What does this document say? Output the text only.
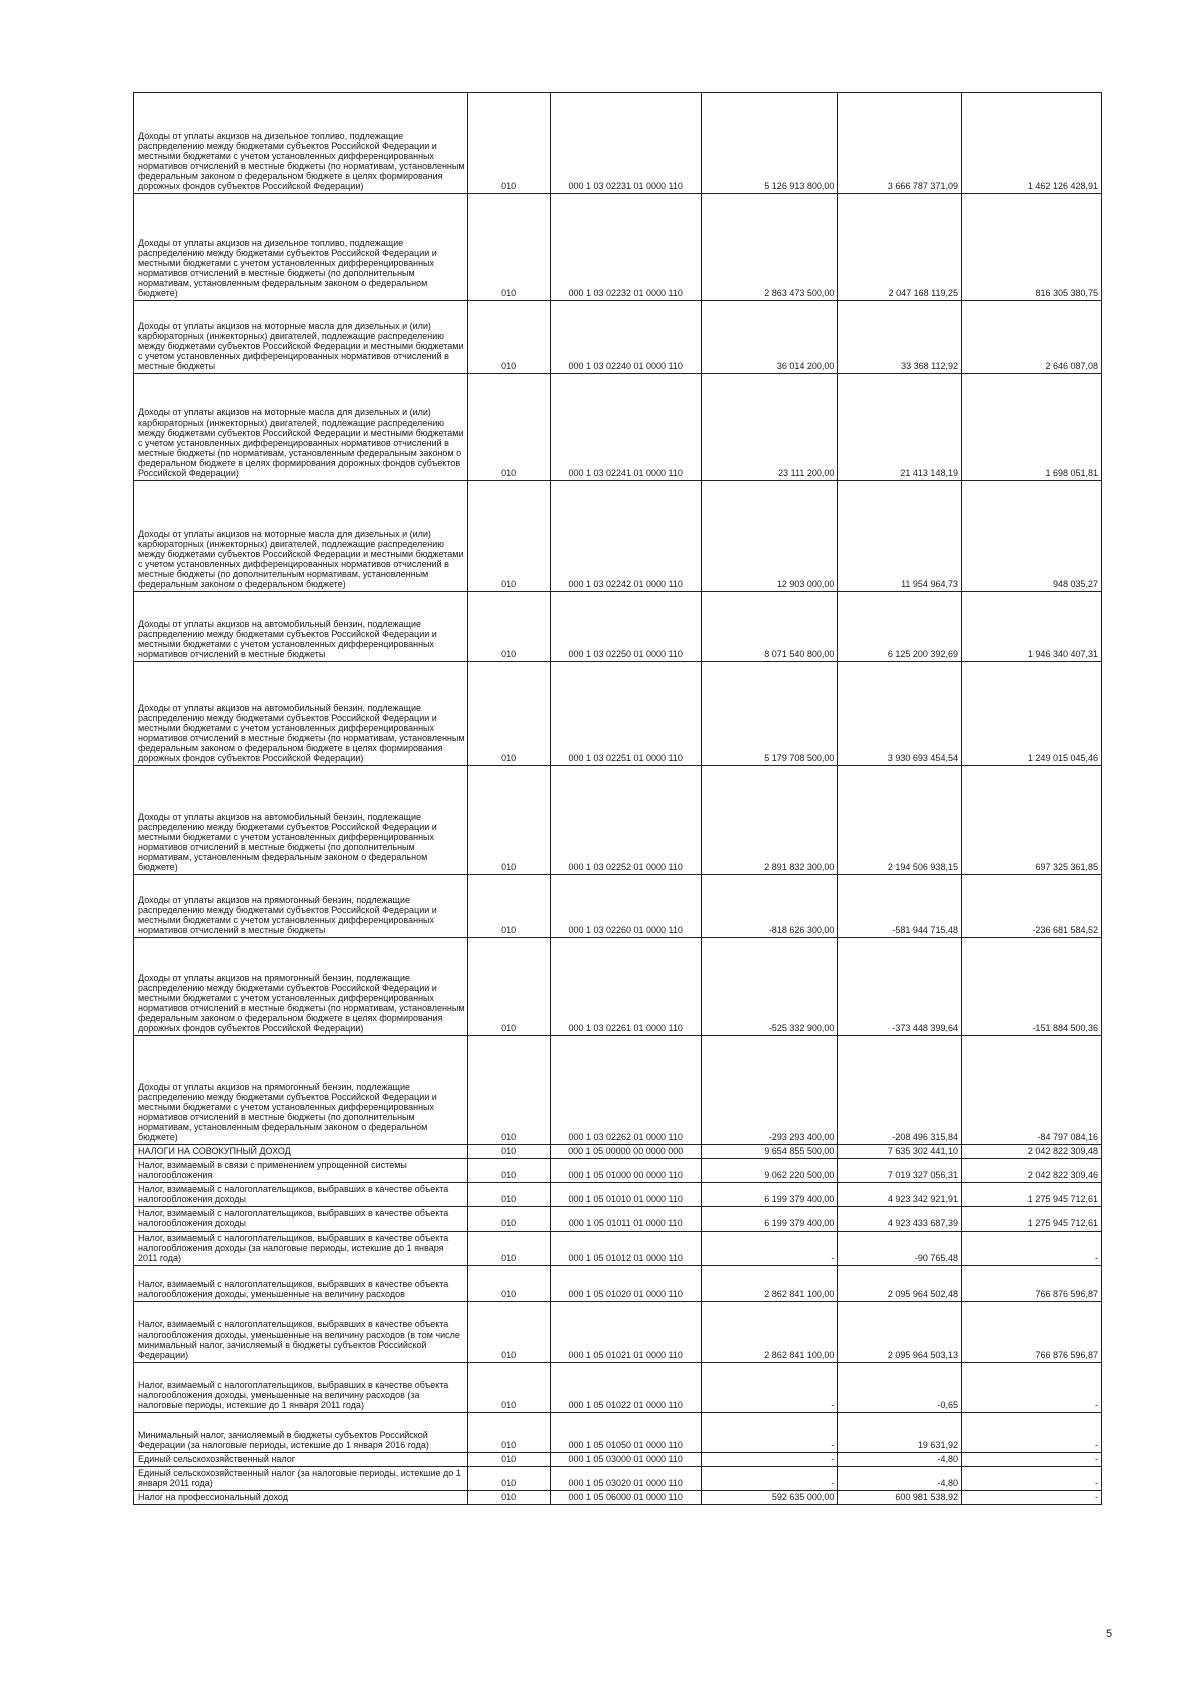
Доходы от уплаты акцизов на дизельное топливо, подлежащие распределению между бюджетами субъектов Российской Федерации и местными бюджетами с учетом установленных дифференцированных нормативов отчислений в местные бюджеты (по нормативам, установленным федеральным законом о федеральном бюджете в целях формирования дорожных фондов субъектов Российской Федерации)	010	000 1 03 02231 01 0000 110	5 126 913 800,00	3 666 787 371,09	1 462 126 428,91
Доходы от уплаты акцизов на дизельное топливо, подлежащие распределению между бюджетами субъектов Российской Федерации и местными бюджетами с учетом установленных дифференцированных нормативов отчислений в местные бюджеты (по дополнительным нормативам, установленным федеральным законом о федеральном бюджете)	010	000 1 03 02232 01 0000 110	2 863 473 500,00	2 047 168 119,25	816 305 380,75
Доходы от уплаты акцизов на моторные масла для дизельных и (или) карбюраторных (инжекторных) двигателей, подлежащие распределению между бюджетами субъектов Российской Федерации и местными бюджетами с учетом установленных дифференцированных нормативов отчислений в местные бюджеты	010	000 1 03 02240 01 0000 110	36 014 200,00	33 368 112,92	2 646 087,08
Доходы от уплаты акцизов на моторные масла для дизельных и (или) карбюраторных (инжекторных) двигателей, подлежащие распределению между бюджетами субъектов Российской Федерации и местными бюджетами с учетом установленных дифференцированных нормативов отчислений в местные бюджеты (по нормативам, установленным федеральным законом о федеральном бюджете в целях формирования дорожных фондов субъектов Российской Федерации)	010	000 1 03 02241 01 0000 110	23 111 200,00	21 413 148,19	1 698 051,81
Доходы от уплаты акцизов на моторные масла для дизельных и (или) карбюраторных (инжекторных) двигателей, подлежащие распределению между бюджетами субъектов Российской Федерации и местными бюджетами с учетом установленных дифференцированных нормативов отчислений в местные бюджеты (по дополнительным нормативам, установленным федеральным законом о федеральном бюджете)	010	000 1 03 02242 01 0000 110	12 903 000,00	11 954 964,73	948 035,27
Доходы от уплаты акцизов на автомобильный бензин, подлежащие распределению между бюджетами субъектов Российской Федерации и местными бюджетами с учетом установленных дифференцированных нормативов отчислений в местные бюджеты	010	000 1 03 02250 01 0000 110	8 071 540 800,00	6 125 200 392,69	1 946 340 407,31
Доходы от уплаты акцизов на автомобильный бензин, подлежащие распределению между бюджетами субъектов Российской Федерации и местными бюджетами с учетом установленных дифференцированных нормативов отчислений в местные бюджеты (по нормативам, установленным федеральным законом о федеральном бюджете в целях формирования дорожных фондов субъектов Российской Федерации)	010	000 1 03 02251 01 0000 110	5 179 708 500,00	3 930 693 454,54	1 249 015 045,46
Доходы от уплаты акцизов на автомобильный бензин, подлежащие распределению между бюджетами субъектов Российской Федерации и местными бюджетами с учетом установленных дифференцированных нормативов отчислений в местные бюджеты (по дополнительным нормативам, установленным федеральным законом о федеральном бюджете)	010	000 1 03 02252 01 0000 110	2 891 832 300,00	2 194 506 938,15	697 325 361,85
Доходы от уплаты акцизов на прямогонный бензин, подлежащие распределению между бюджетами субъектов Российской Федерации и местными бюджетами с учетом установленных дифференцированных нормативов отчислений в местные бюджеты	010	000 1 03 02260 01 0000 110	-818 626 300,00	-581 944 715,48	-236 681 584,52
Доходы от уплаты акцизов на прямогонный бензин, подлежащие распределению между бюджетами субъектов Российской Федерации и местными бюджетами с учетом установленных дифференцированных нормативов отчислений в местные бюджеты (по нормативам, установленным федеральным законом о федеральном бюджете в целях формирования дорожных фондов субъектов Российской Федерации)	010	000 1 03 02261 01 0000 110	-525 332 900,00	-373 448 399,64	-151 884 500,36
Доходы от уплаты акцизов на прямогонный бензин, подлежащие распределению между бюджетами субъектов Российской Федерации и местными бюджетами с учетом установленных дифференцированных нормативов отчислений в местные бюджеты (по дополнительным нормативам, установленным федеральным законом о федеральном бюджете)	010	000 1 03 02262 01 0000 110	-293 293 400,00	-208 496 315,84	-84 797 084,16
НАЛОГИ НА СОВОКУПНЫЙ ДОХОД	010	000 1 05 00000 00 0000 000	9 654 855 500,00	7 635 302 441,10	2 042 822 309,48
Налог, взимаемый в связи с применением упрощенной системы налогообложения	010	000 1 05 01000 00 0000 110	9 062 220 500,00	7 019 327 056,31	2 042 822 309,46
Налог, взимаемый с налогоплательщиков, выбравших в качестве объекта налогообложения доходы	010	000 1 05 01010 01 0000 110	6 199 379 400,00	4 923 342 921,91	1 275 945 712,61
Налог, взимаемый с налогоплательщиков, выбравших в качестве объекта налогообложения доходы	010	000 1 05 01011 01 0000 110	6 199 379 400,00	4 923 433 687,39	1 275 945 712,61
Налог, взимаемый с налогоплательщиков, выбравших в качестве объекта налогообложения доходы (за налоговые периоды, истекшие до 1 января 2011 года)	010	000 1 05 01012 01 0000 110	-	-90 765,48	-
Налог, взимаемый с налогоплательщиков, выбравших в качестве объекта налогообложения доходы, уменьшенные на величину расходов	010	000 1 05 01020 01 0000 110	2 862 841 100,00	2 095 964 502,48	766 876 596,87
Налог, взимаемый с налогоплательщиков, выбравших в качестве объекта налогообложения доходы, уменьшенные на величину расходов (в том числе минимальный налог, зачисляемый в бюджеты субъектов Российской Федерации)	010	000 1 05 01021 01 0000 110	2 862 841 100,00	2 095 964 503,13	766 876 596,87
Налог, взимаемый с налогоплательщиков, выбравших в качестве объекта налогообложения доходы, уменьшенные на величину расходов (за налоговые периоды, истекшие до 1 января 2011 года)	010	000 1 05 01022 01 0000 110	-	-0,65	-
Минимальный налог, зачисляемый в бюджеты субъектов Российской Федерации (за налоговые периоды, истекшие до 1 января 2016 года)	010	000 1 05 01050 01 0000 110	-	19 631,92	-
Единый сельскохозяйственный налог	010	000 1 05 03000 01 0000 110	-	-4,80	-
Единый сельскохозяйственный налог (за налоговые периоды, истекшие до 1 января 2011 года)	010	000 1 05 03020 01 0000 110	-	-4,80	-
Налог на профессиональный доход	010	000 1 05 06000 01 0000 110	592 635 000,00	600 981 538,92	-
5
